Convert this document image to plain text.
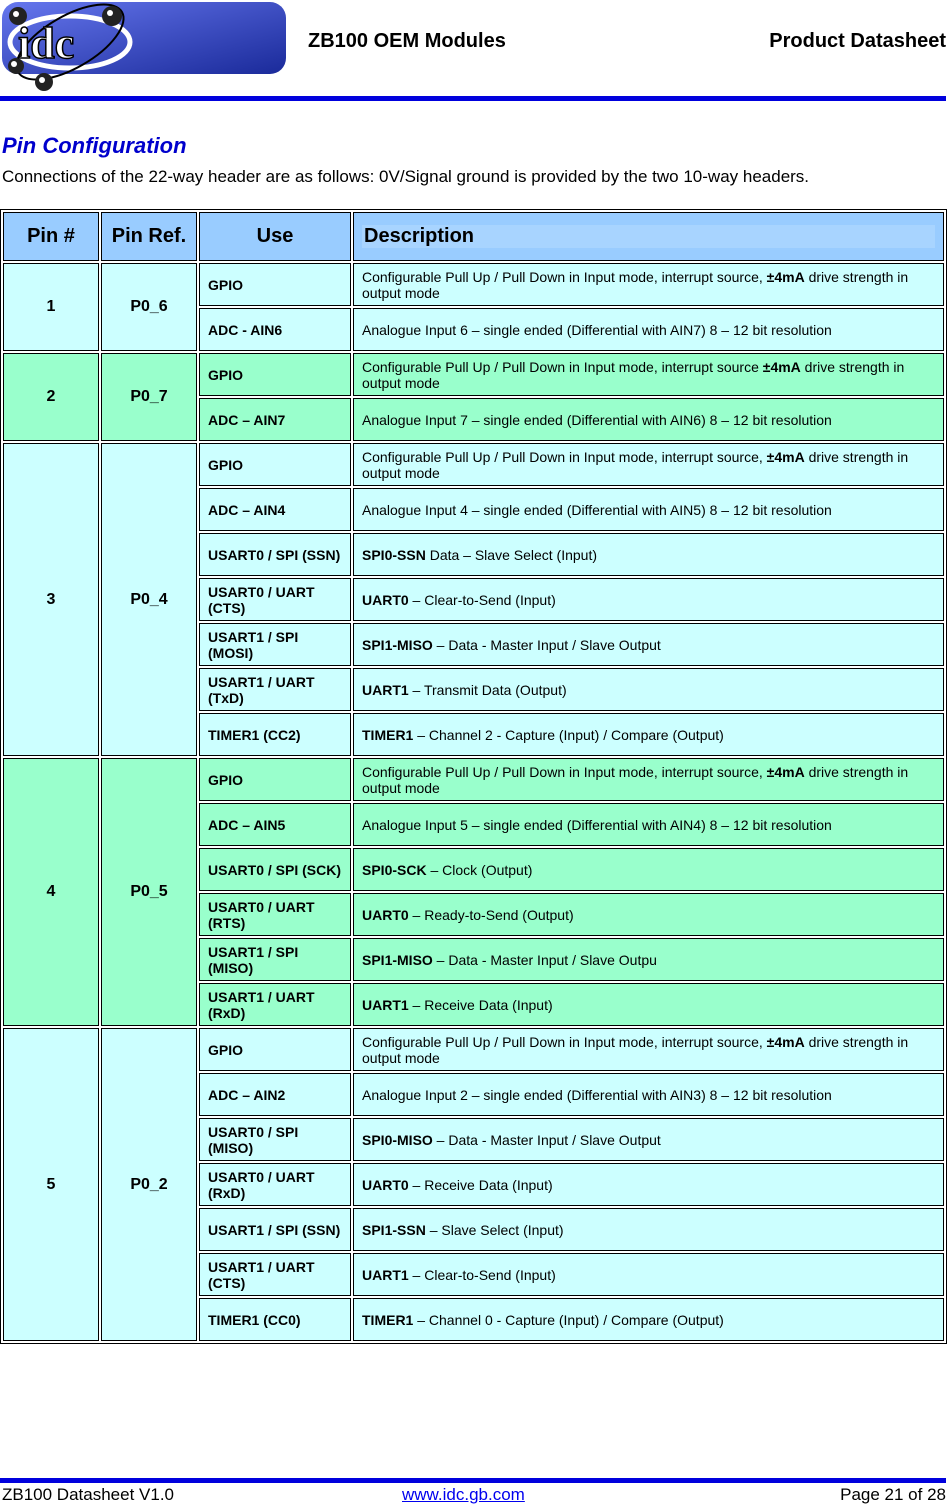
idc	ZB100 OEM Modules	Product Datasheet
Pin Configuration
Connections of the 22-way header are as follows: 0V/Signal ground is provided by the two 10-way headers.
Pin #	Pin Ref.	Use	Description

1	P0_6	GPIO	Configurable Pull Up / Pull Down in Input mode, interrupt source, ±4mA drive strength in output mode
		ADC - AIN6	Analogue Input 6 – single ended (Differential with AIN7) 8 – 12 bit resolution
2	P0_7	GPIO	Configurable Pull Up / Pull Down in Input mode, interrupt source ±4mA drive strength in output mode
		ADC – AIN7	Analogue Input 7 – single ended (Differential with AIN6) 8 – 12 bit resolution
3	P0_4	GPIO	Configurable Pull Up / Pull Down in Input mode, interrupt source, ±4mA drive strength in output mode
		ADC – AIN4	Analogue Input 4 – single ended (Differential with AIN5) 8 – 12 bit resolution
		USART0 / SPI (SSN)	SPI0-SSN Data – Slave Select (Input)
		USART0 / UART (CTS)	UART0 – Clear-to-Send (Input)
		USART1 / SPI (MOSI)	SPI1-MISO – Data - Master Input / Slave Output
		USART1 / UART (TxD)	UART1 – Transmit Data (Output)
		TIMER1 (CC2)	TIMER1 – Channel 2 - Capture (Input) / Compare (Output)
4	P0_5	GPIO	Configurable Pull Up / Pull Down in Input mode, interrupt source, ±4mA drive strength in output mode
		ADC – AIN5	Analogue Input 5 – single ended (Differential with AIN4) 8 – 12 bit resolution
		USART0 / SPI (SCK)	SPI0-SCK – Clock (Output)
		USART0 / UART (RTS)	UART0 – Ready-to-Send (Output)
		USART1 / SPI (MISO)	SPI1-MISO – Data - Master Input / Slave Outpu
		USART1 / UART (RxD)	UART1 – Receive Data (Input)
5	P0_2	GPIO	Configurable Pull Up / Pull Down in Input mode, interrupt source, ±4mA drive strength in output mode
		ADC – AIN2	Analogue Input 2 – single ended (Differential with AIN3) 8 – 12 bit resolution
		USART0 / SPI (MISO)	SPI0-MISO – Data - Master Input / Slave Output
		USART0 / UART (RxD)	UART0 – Receive Data (Input)
		USART1 / SPI (SSN)	SPI1-SSN – Slave Select (Input)
		USART1 / UART (CTS)	UART1 – Clear-to-Send (Input)
		TIMER1 (CC0)	TIMER1 – Channel 0 - Capture (Input) / Compare (Output)
ZB100 Datasheet V1.0	www.idc.gb.com	Page 21 of 28
